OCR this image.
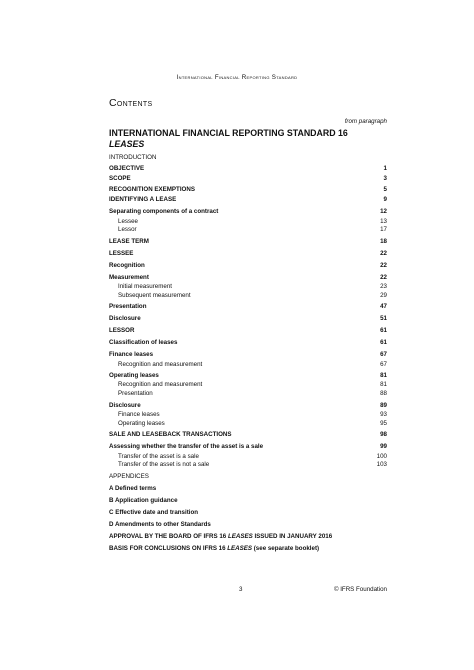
International Financial Reporting Standard
Contents
from paragraph
INTERNATIONAL FINANCIAL REPORTING STANDARD 16
LEASES
INTRODUCTION
OBJECTIVE	1
SCOPE	3
RECOGNITION EXEMPTIONS	5
IDENTIFYING A LEASE	9
Separating components of a contract	12
Lessee	13
Lessor	17
LEASE TERM	18
LESSEE	22
Recognition	22
Measurement	22
Initial measurement	23
Subsequent measurement	29
Presentation	47
Disclosure	51
LESSOR	61
Classification of leases	61
Finance leases	67
Recognition and measurement	67
Operating leases	81
Recognition and measurement	81
Presentation	88
Disclosure	89
Finance leases	93
Operating leases	95
SALE AND LEASEBACK TRANSACTIONS	98
Assessing whether the transfer of the asset is a sale	99
Transfer of the asset is a sale	100
Transfer of the asset is not a sale	103
APPENDICES
A Defined terms
B Application guidance
C Effective date and transition
D Amendments to other Standards
APPROVAL BY THE BOARD OF IFRS 16 LEASES ISSUED IN JANUARY 2016
BASIS FOR CONCLUSIONS ON IFRS 16 LEASES (see separate booklet)
3	© IFRS Foundation
